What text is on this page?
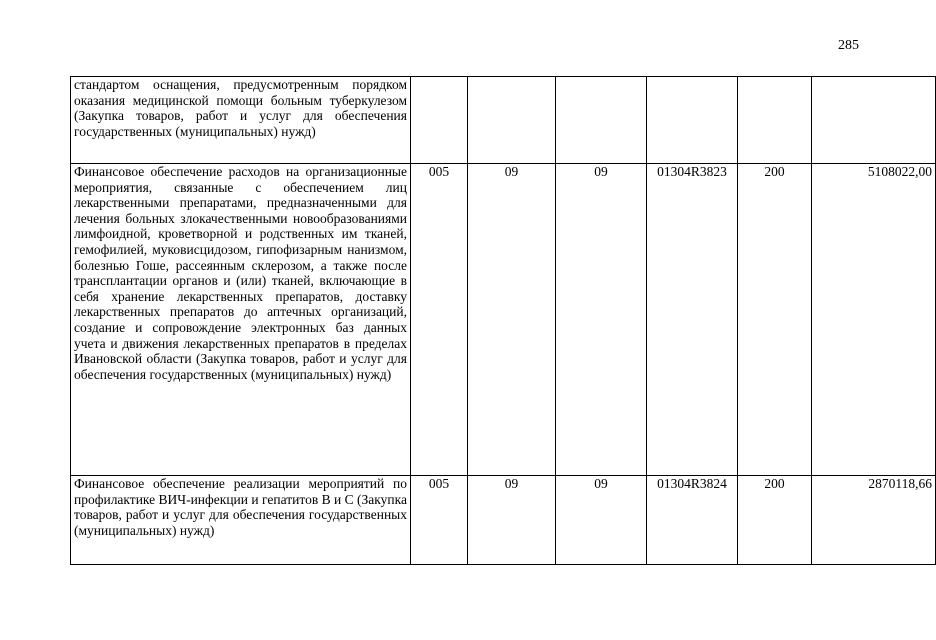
285
стандартом оснащения, предусмотренным порядком оказания медицинской помощи больным туберкулезом (Закупка товаров, работ и услуг для обеспечения государственных (муниципальных) нужд)						
Финансовое обеспечение расходов на организационные мероприятия, связанные с обеспечением лиц лекарственными препаратами, предназначенными для лечения больных злокачественными новообразованиями лимфоидной, кроветворной и родственных им тканей, гемофилией, муковисцидозом, гипофизарным нанизмом, болезнью Гоше, рассеянным склерозом, а также после трансплантации органов и (или) тканей, включающие в себя хранение лекарственных препаратов, доставку лекарственных препаратов до аптечных организаций, создание и сопровождение электронных баз данных учета и движения лекарственных препаратов в пределах Ивановской области (Закупка товаров, работ и услуг для обеспечения государственных (муниципальных) нужд)	005	09	09	01304R3823	200	5108022,00
Финансовое обеспечение реализации мероприятий по профилактике ВИЧ-инфекции и гепатитов В и С (Закупка товаров, работ и услуг для обеспечения государственных (муниципальных) нужд)	005	09	09	01304R3824	200	2870118,66
